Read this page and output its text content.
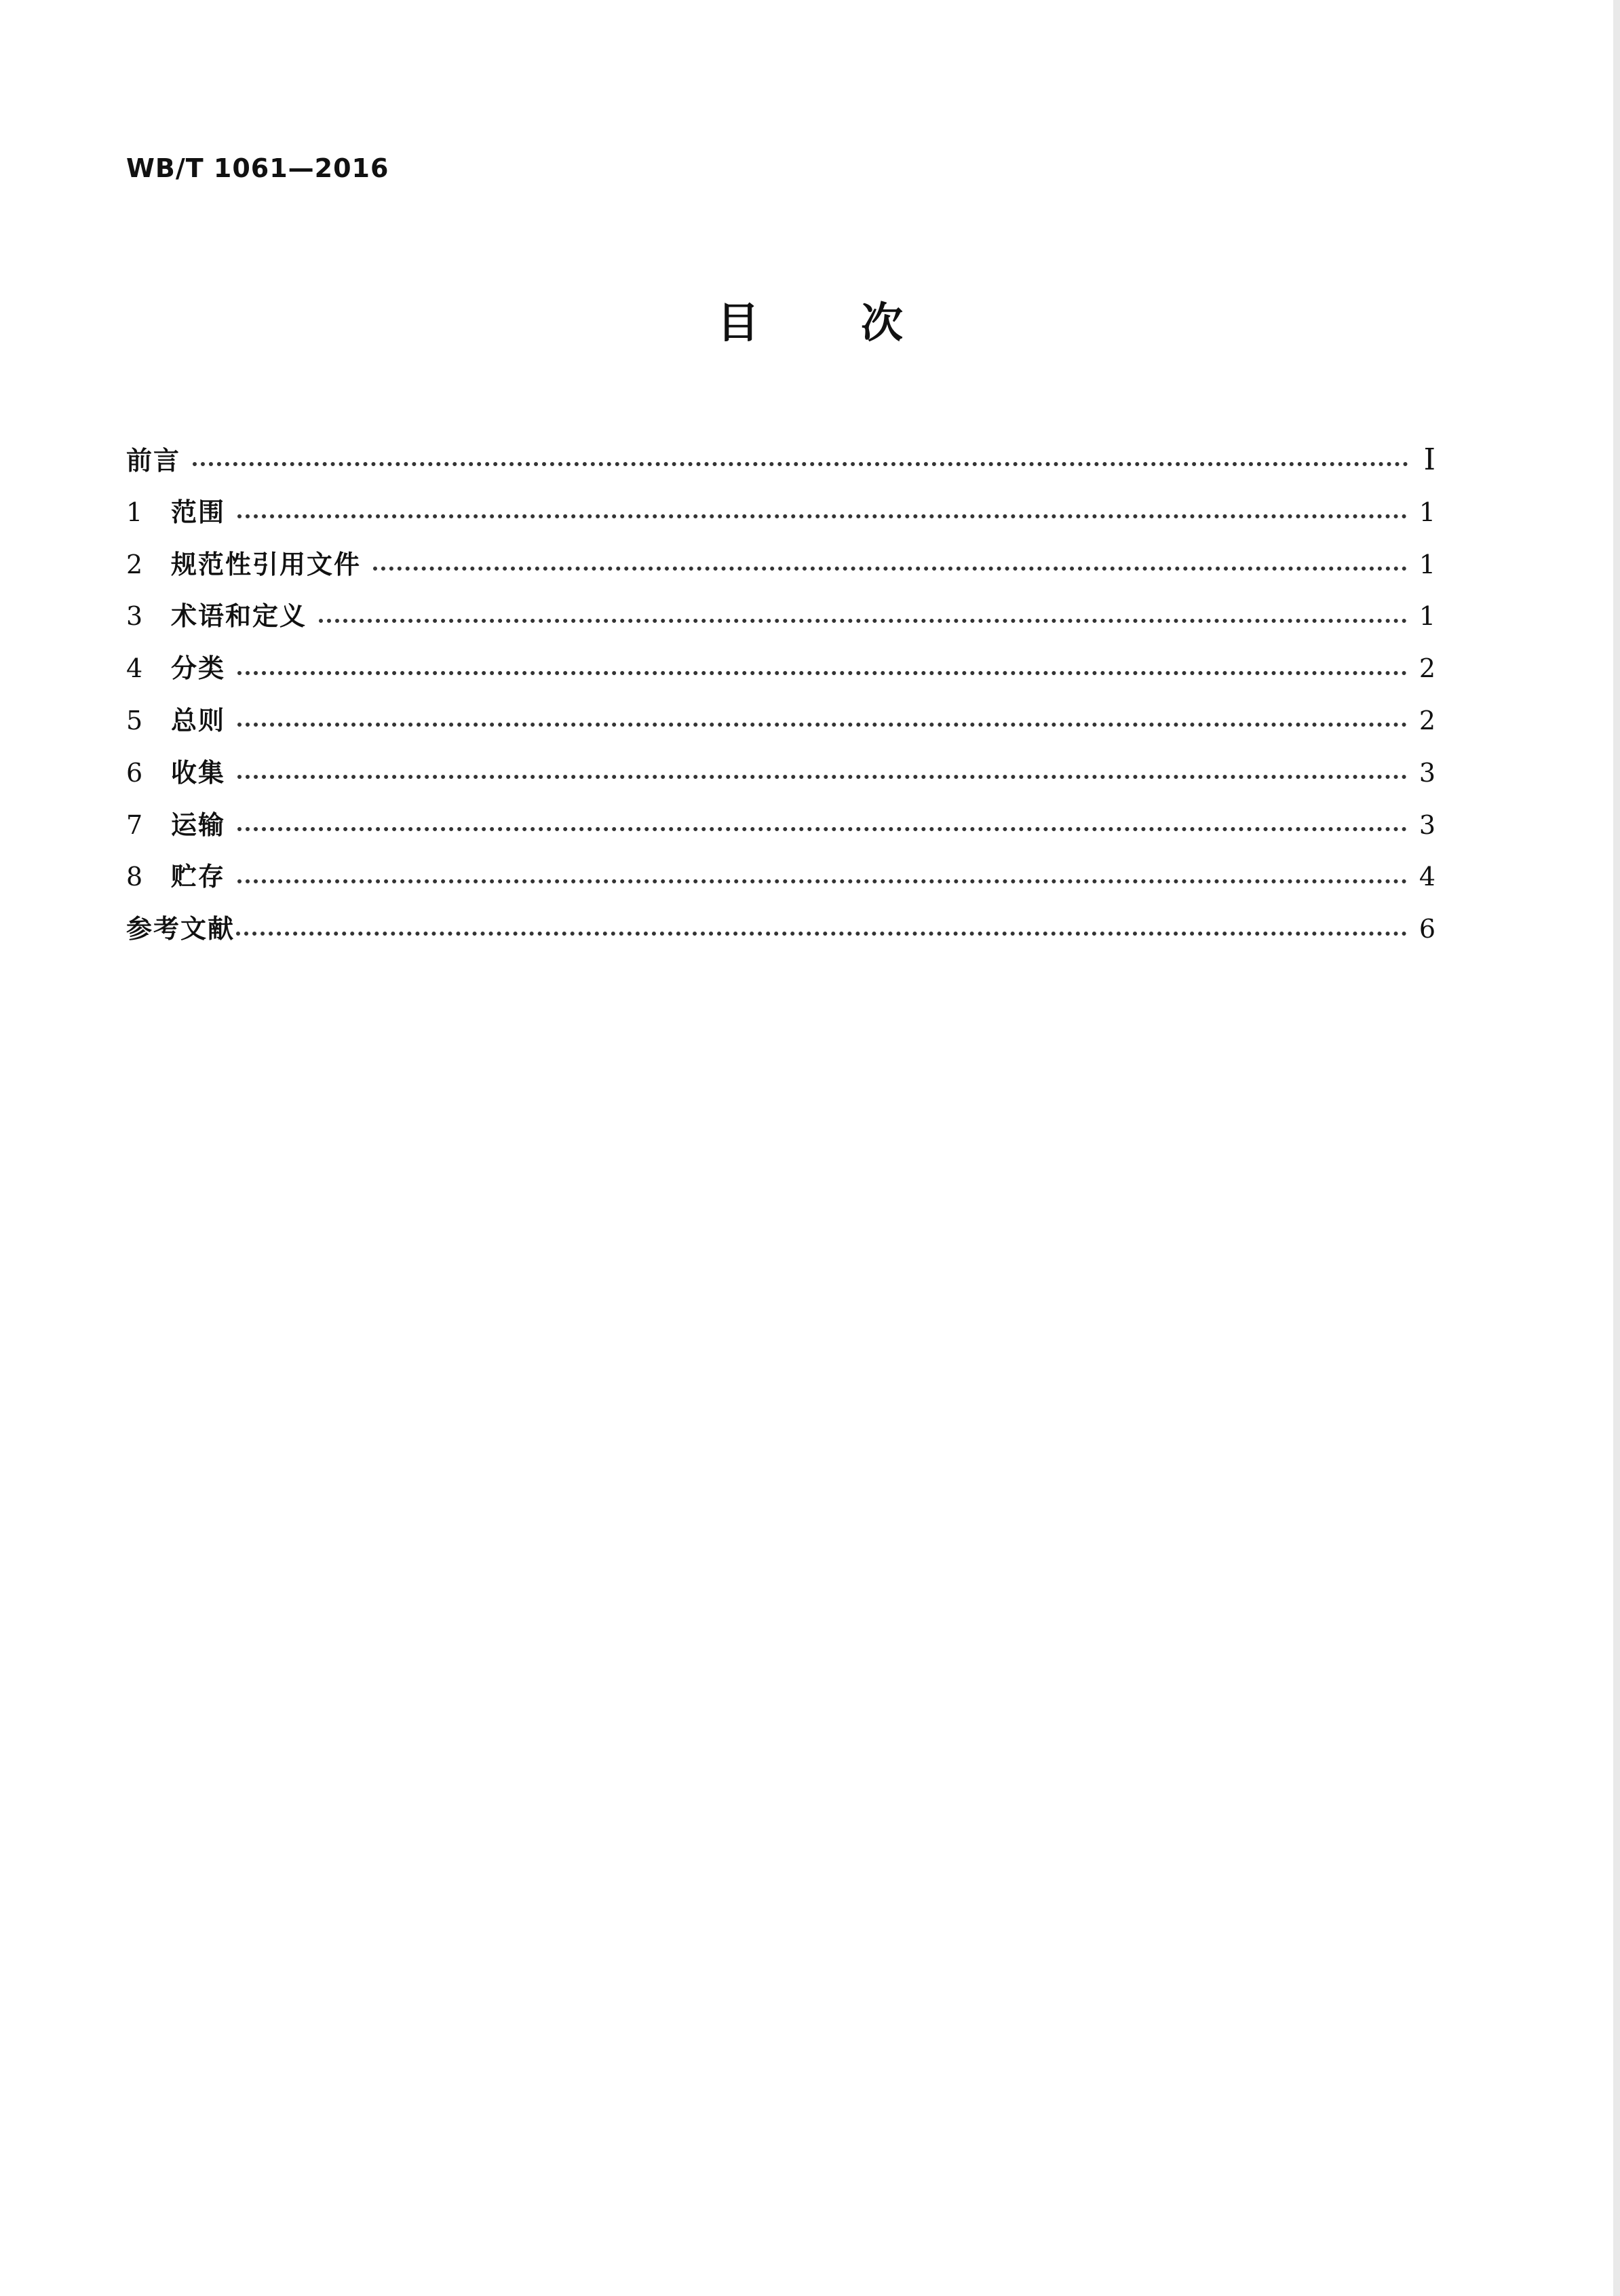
WB/T 1061—2016
目 次
前言	I
1	范围	1
2	规范性引用文件	1
3	术语和定义	1
4	分类	2
5	总则	2
6	收集	3
7	运输	3
8	贮存	4
参考文献	6
